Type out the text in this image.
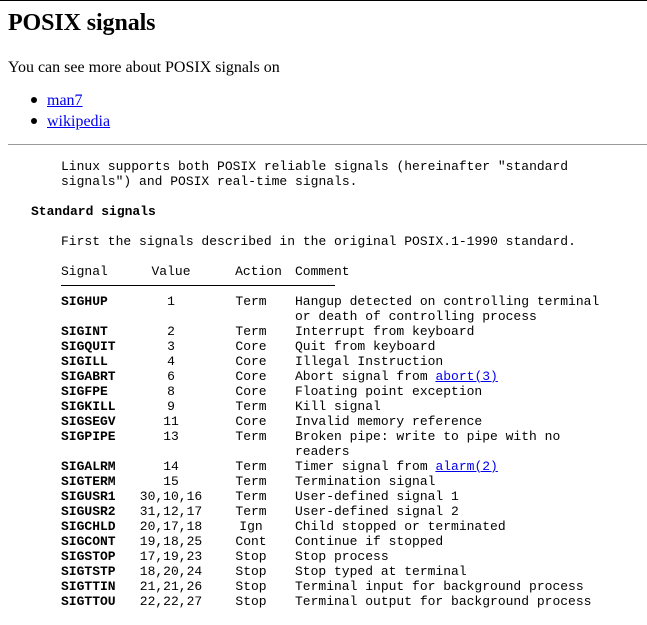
POSIX signals
You can see more about POSIX signals on
man7
wikipedia
Linux supports both POSIX reliable signals (hereinafter "standard
signals") and POSIX real-time signals.
Standard signals
First the signals described in the original POSIX.1-1990 standard.
Signal	Value	Action	Comment
SIGHUP	1	Term	Hangup detected on controlling terminal
or death of controlling process
SIGINT	2	Term	Interrupt from keyboard
SIGQUIT	3	Core	Quit from keyboard
SIGILL	4	Core	Illegal Instruction
SIGABRT	6	Core	Abort signal from abort(3)
SIGFPE	8	Core	Floating point exception
SIGKILL	9	Term	Kill signal
SIGSEGV	11	Core	Invalid memory reference
SIGPIPE	13	Term	Broken pipe: write to pipe with no
readers
SIGALRM	14	Term	Timer signal from alarm(2)
SIGTERM	15	Term	Termination signal
SIGUSR1	30,10,16	Term	User-defined signal 1
SIGUSR2	31,12,17	Term	User-defined signal 2
SIGCHLD	20,17,18	Ign	Child stopped or terminated
SIGCONT	19,18,25	Cont	Continue if stopped
SIGSTOP	17,19,23	Stop	Stop process
SIGTSTP	18,20,24	Stop	Stop typed at terminal
SIGTTIN	21,21,26	Stop	Terminal input for background process
SIGTTOU	22,22,27	Stop	Terminal output for background process
